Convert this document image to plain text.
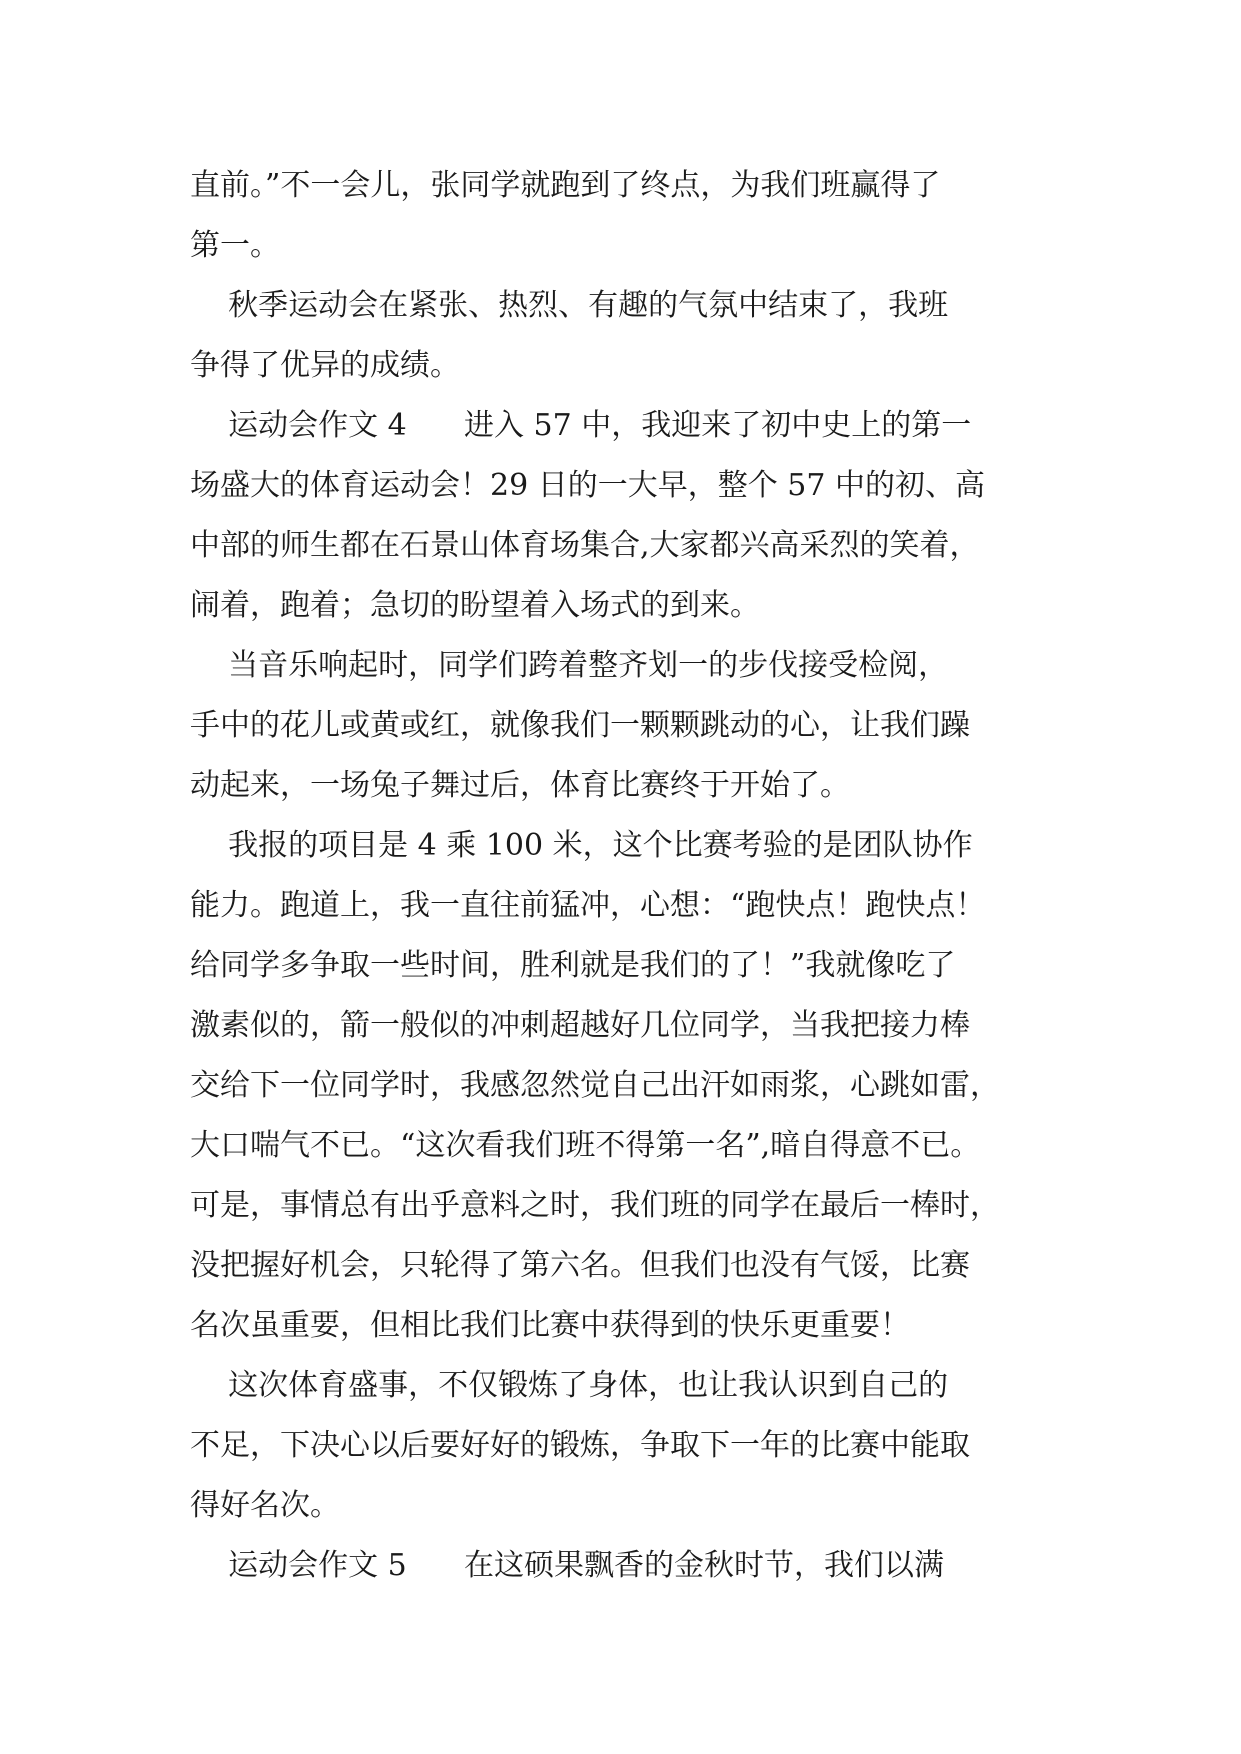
直前。”不一会儿，张同学就跑到了终点，为我们班赢得了
第一。
秋季运动会在紧张、热烈、有趣的气氛中结束了，我班
争得了优异的成绩。
运动会作文 4      进入 57 中，我迎来了初中史上的第一
场盛大的体育运动会！29 日的一大早，整个 57 中的初、高
中部的师生都在石景山体育场集合,大家都兴高采烈的笑着，
闹着，跑着；急切的盼望着入场式的到来。
当音乐响起时，同学们跨着整齐划一的步伐接受检阅，
手中的花儿或黄或红，就像我们一颗颗跳动的心，让我们躁
动起来，一场兔子舞过后，体育比赛终于开始了。
我报的项目是 4 乘 100 米，这个比赛考验的是团队协作
能力。跑道上，我一直往前猛冲，心想：“跑快点！跑快点！
给同学多争取一些时间，胜利就是我们的了！”我就像吃了
激素似的，箭一般似的冲刺超越好几位同学，当我把接力棒
交给下一位同学时，我感忽然觉自己出汗如雨浆，心跳如雷，
大口喘气不已。“这次看我们班不得第一名”,暗自得意不已。
可是，事情总有出乎意料之时，我们班的同学在最后一棒时，
没把握好机会，只轮得了第六名。但我们也没有气馁，比赛
名次虽重要，但相比我们比赛中获得到的快乐更重要！
这次体育盛事，不仅锻炼了身体，也让我认识到自己的
不足，下决心以后要好好的锻炼，争取下一年的比赛中能取
得好名次。
运动会作文 5      在这硕果飘香的金秋时节，我们以满
